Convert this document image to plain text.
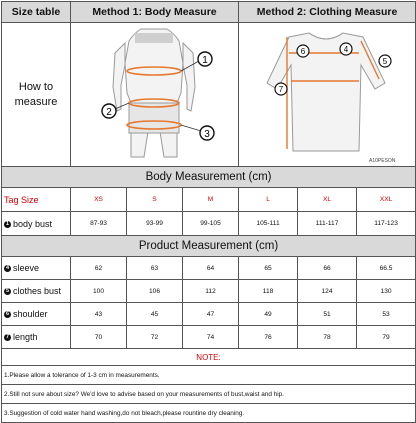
Size table	Method 1: Body Measure			Method 2: Clothing Measure		
How to
measure	1
2
3			6 4
5
7
A10PESON		

Body Measurement (cm)						
Tag Size	XS	S	M	L	XL	XXL
1 body bust	87-93	93-99	99-105	105-111	111-117	117-123
Product Measurement (cm)						
4 sleeve	62	63	64	65	66	66.5
5 clothes bust	100	106	112	118	124	130
6 shoulder	43	45	47	49	51	53
7 length	70	72	74	76	78	79
NOTE:						
1.Please allow a tolerance of 1-3 cm in measurements.						
2.Still not sure about size? We'd love to advise based on your measurements of bust,waist and hip.						
3.Suggestion of cold water hand washing,do not bleach,please rountine dry cleaning.						
